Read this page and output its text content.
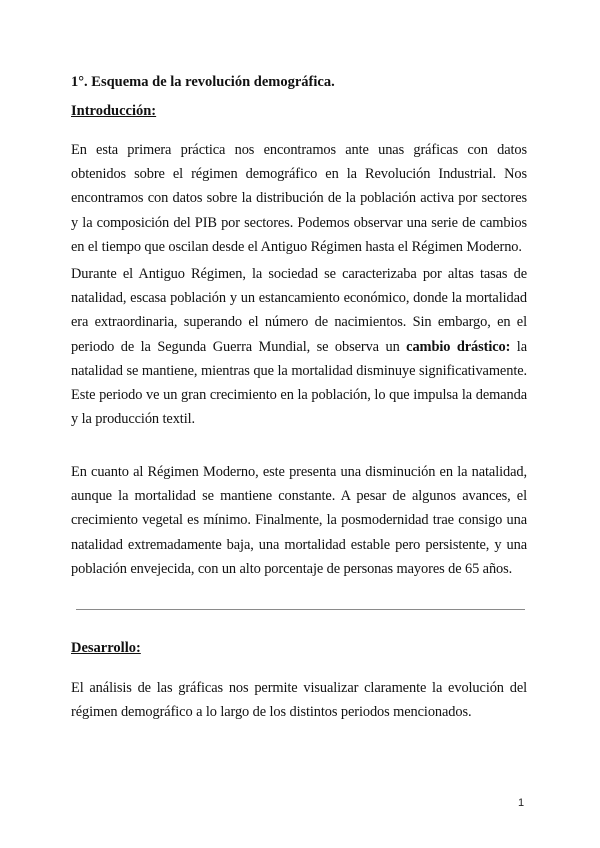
1°. Esquema de la revolución demográfica.

Introducción:

En esta primera práctica nos encontramos ante unas gráficas con datos obtenidos sobre el régimen demográfico en la Revolución Industrial. Nos encontramos con datos sobre la distribución de la población activa por sectores y la composición del PIB por sectores. Podemos observar una serie de cambios en el tiempo que oscilan desde el Antiguo Régimen hasta el Régimen Moderno.

Durante el Antiguo Régimen, la sociedad se caracterizaba por altas tasas de natalidad, escasa población y un estancamiento económico, donde la mortalidad era extraordinaria, superando el número de nacimientos. Sin embargo, en el periodo de la Segunda Guerra Mundial, se observa un cambio drástico: la natalidad se mantiene, mientras que la mortalidad disminuye significativamente. Este periodo ve un gran crecimiento en la población, lo que impulsa la demanda y la producción textil.

En cuanto al Régimen Moderno, este presenta una disminución en la natalidad, aunque la mortalidad se mantiene constante. A pesar de algunos avances, el crecimiento vegetal es mínimo. Finalmente, la posmodernidad trae consigo una natalidad extremadamente baja, una mortalidad estable pero persistente, y una población envejecida, con un alto porcentaje de personas mayores de 65 años.

Desarrollo:

El análisis de las gráficas nos permite visualizar claramente la evolución del régimen demográfico a lo largo de los distintos periodos mencionados.

1
